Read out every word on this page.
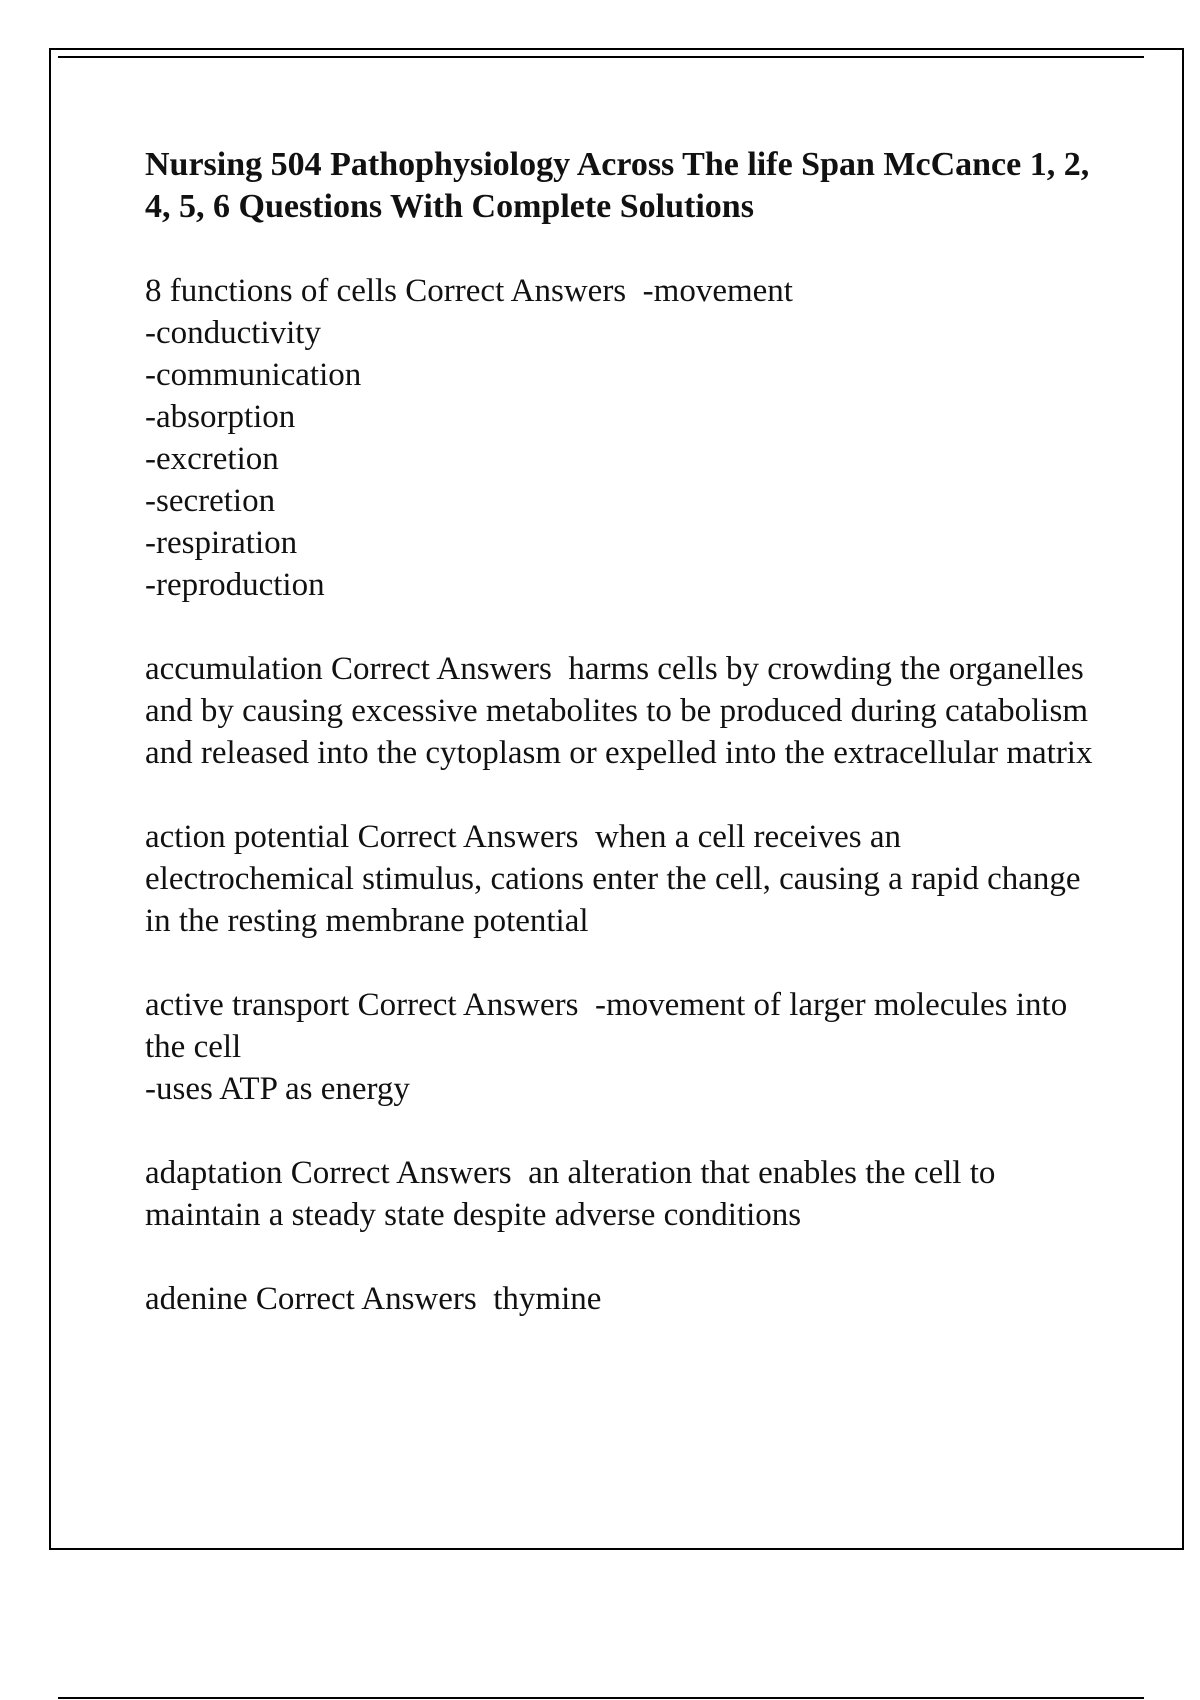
Nursing 504 Pathophysiology Across The life Span McCance 1, 2, 4, 5, 6 Questions With Complete Solutions
8 functions of cells Correct Answers -movement
-conductivity
-communication
-absorption
-excretion
-secretion
-respiration
-reproduction
accumulation Correct Answers harms cells by crowding the organelles and by causing excessive metabolites to be produced during catabolism and released into the cytoplasm or expelled into the extracellular matrix
action potential Correct Answers when a cell receives an electrochemical stimulus, cations enter the cell, causing a rapid change in the resting membrane potential
active transport Correct Answers -movement of larger molecules into the cell
-uses ATP as energy
adaptation Correct Answers an alteration that enables the cell to maintain a steady state despite adverse conditions
adenine Correct Answers thymine
